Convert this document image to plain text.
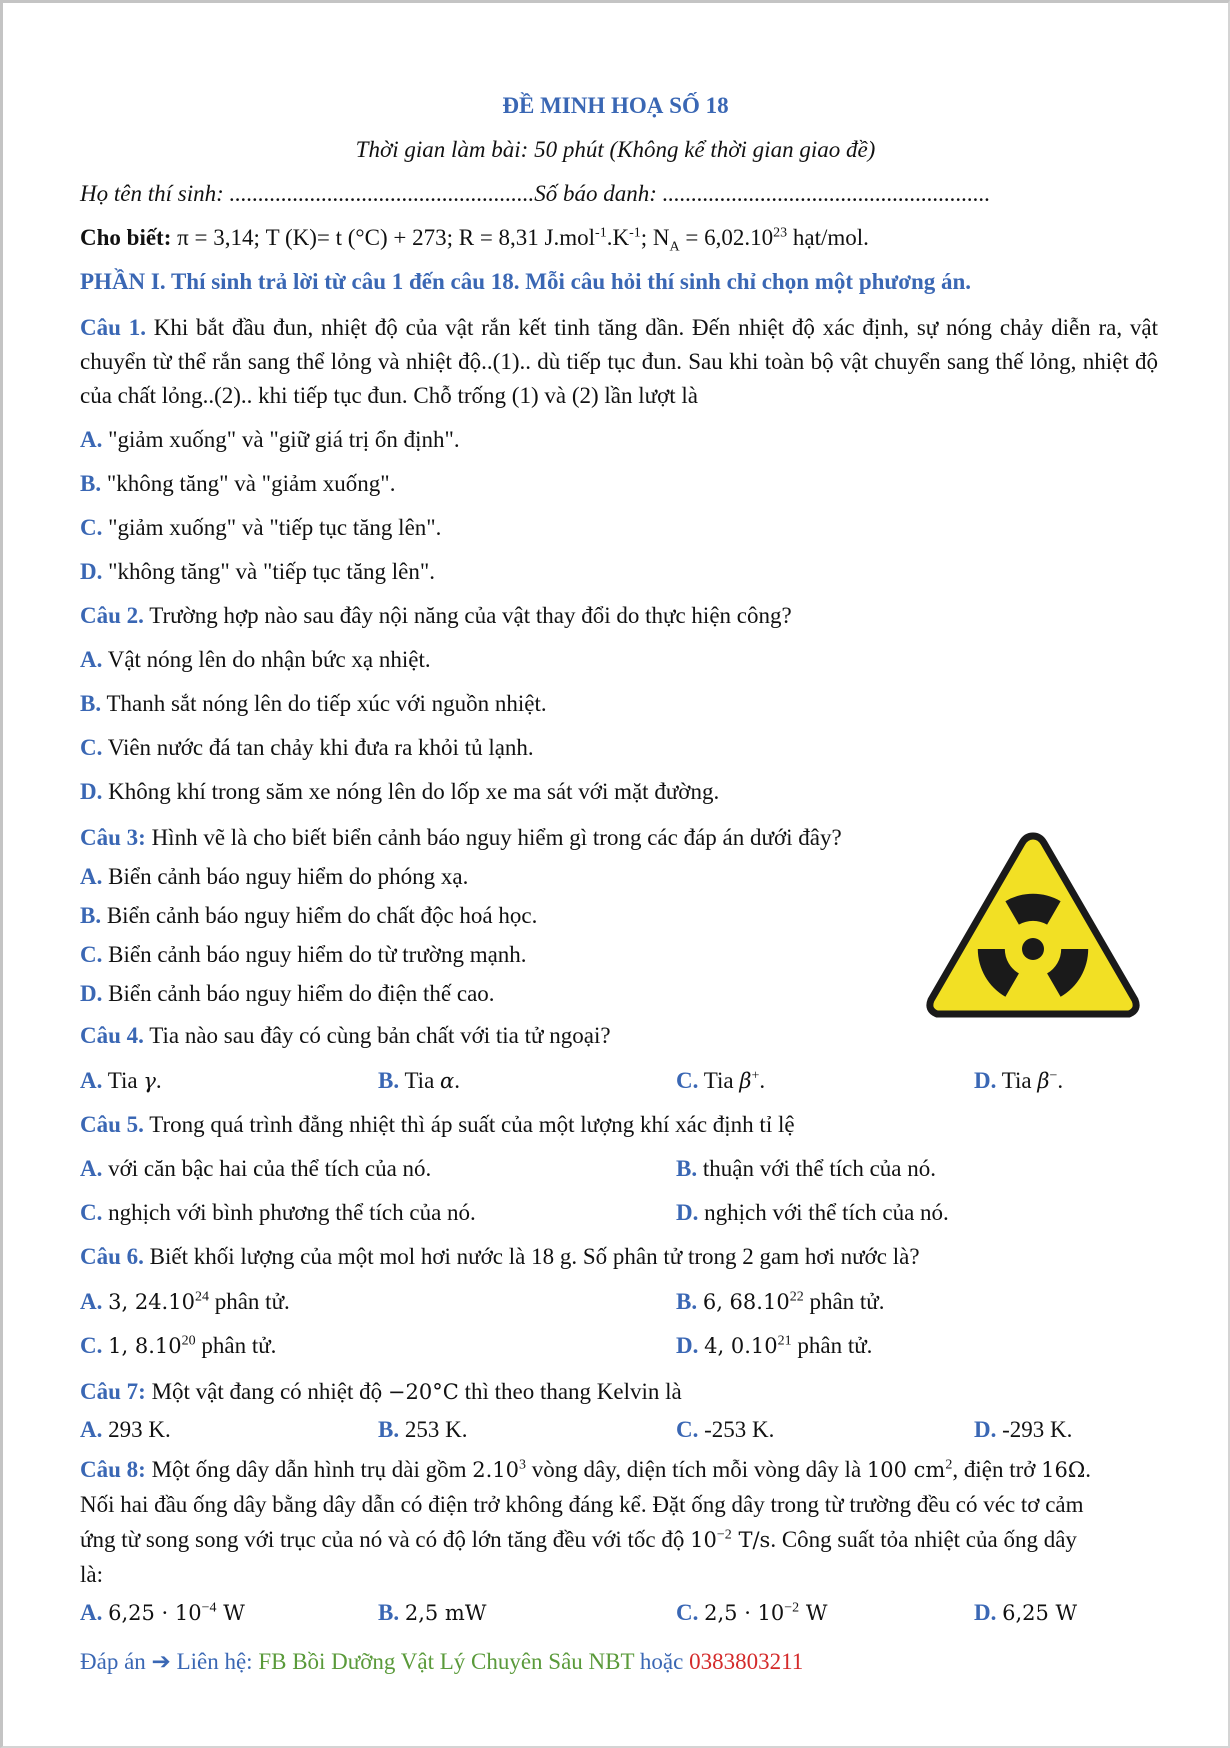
ĐỀ MINH HOẠ SỐ 18
Thời gian làm bài: 50 phút (Không kể thời gian giao đề)
Họ tên thí sinh: .....................................................Số báo danh: .........................................................
Cho biết: π = 3,14; T (K)= t (°C) + 273; R = 8,31 $J.mol^{-1}.K^{-1}$; $N_A = 6,02.10^{23}$ hạt/mol.
PHẦN I. Thí sinh trả lời từ câu 1 đến câu 18. Mỗi câu hỏi thí sinh chỉ chọn một phương án.
Câu 1. Khi bắt đầu đun, nhiệt độ của vật rắn kết tinh tăng dần. Đến nhiệt độ xác định, sự nóng chảy diễn ra, vật chuyển từ thể rắn sang thể lỏng và nhiệt độ..(1).. dù tiếp tục đun. Sau khi toàn bộ vật chuyển sang thế lỏng, nhiệt độ của chất lỏng..(2).. khi tiếp tục đun. Chỗ trống (1) và (2) lần lượt là
A. "giảm xuống" và "giữ giá trị ổn định".
B. "không tăng" và "giảm xuống".
C. "giảm xuống" và "tiếp tục tăng lên".
D. "không tăng" và "tiếp tục tăng lên".
Câu 2. Trường hợp nào sau đây nội năng của vật thay đổi do thực hiện công?
A. Vật nóng lên do nhận bức xạ nhiệt.
B. Thanh sắt nóng lên do tiếp xúc với nguồn nhiệt.
C. Viên nước đá tan chảy khi đưa ra khỏi tủ lạnh.
D. Không khí trong săm xe nóng lên do lốp xe ma sát với mặt đường.
Câu 3: Hình vẽ là cho biết biển cảnh báo nguy hiểm gì trong các đáp án dưới đây?
A. Biển cảnh báo nguy hiểm do phóng xạ.
B. Biển cảnh báo nguy hiểm do chất độc hoá học.
C. Biển cảnh báo nguy hiểm do từ trường mạnh.
D. Biển cảnh báo nguy hiểm do điện thế cao.
Câu 4. Tia nào sau đây có cùng bản chất với tia tử ngoại?
A. Tia γ.	B. Tia α.	C. Tia β+.	D. Tia β−.
Câu 5. Trong quá trình đẳng nhiệt thì áp suất của một lượng khí xác định tỉ lệ
A. với căn bậc hai của thể tích của nó.	B. thuận với thể tích của nó.
C. nghịch với bình phương thể tích của nó.	D. nghịch với thể tích của nó.
Câu 6. Biết khối lượng của một mol hơi nước là 18 g. Số phân tử trong 2 gam hơi nước là?
A. 3, 24.10$^{24}$ phân tử.	B. 6, 68.10$^{22}$ phân tử.
C. 1, 8.10$^{20}$ phân tử.	D. 4, 0.10$^{21}$ phân tử.
Câu 7: Một vật đang có nhiệt độ −20°C thì theo thang Kelvin là
A. 293 K.	B. 253 K.	C. -253 K.	D. -293 K.
Câu 8: Một ống dây dẫn hình trụ dài gồm 2.10$^3$ vòng dây, diện tích mỗi vòng dây là 100 $cm^2$, điện trở 16Ω.
Nối hai đầu ống dây bằng dây dẫn có điện trở không đáng kể. Đặt ống dây trong từ trường đều có véc tơ cảm
ứng từ song song với trục của nó và có độ lớn tăng đều với tốc độ $10^{-2}$ T/s. Công suất tỏa nhiệt của ống dây
là:
A. $6,25 \cdot 10^{-4}$ W	B. 2,5 mW	C. $2,5 \cdot 10^{-2}$ W	D. 6,25 W
Đáp án ➔ Liên hệ: FB Bồi Dưỡng Vật Lý Chuyên Sâu NBT hoặc 0383803211
